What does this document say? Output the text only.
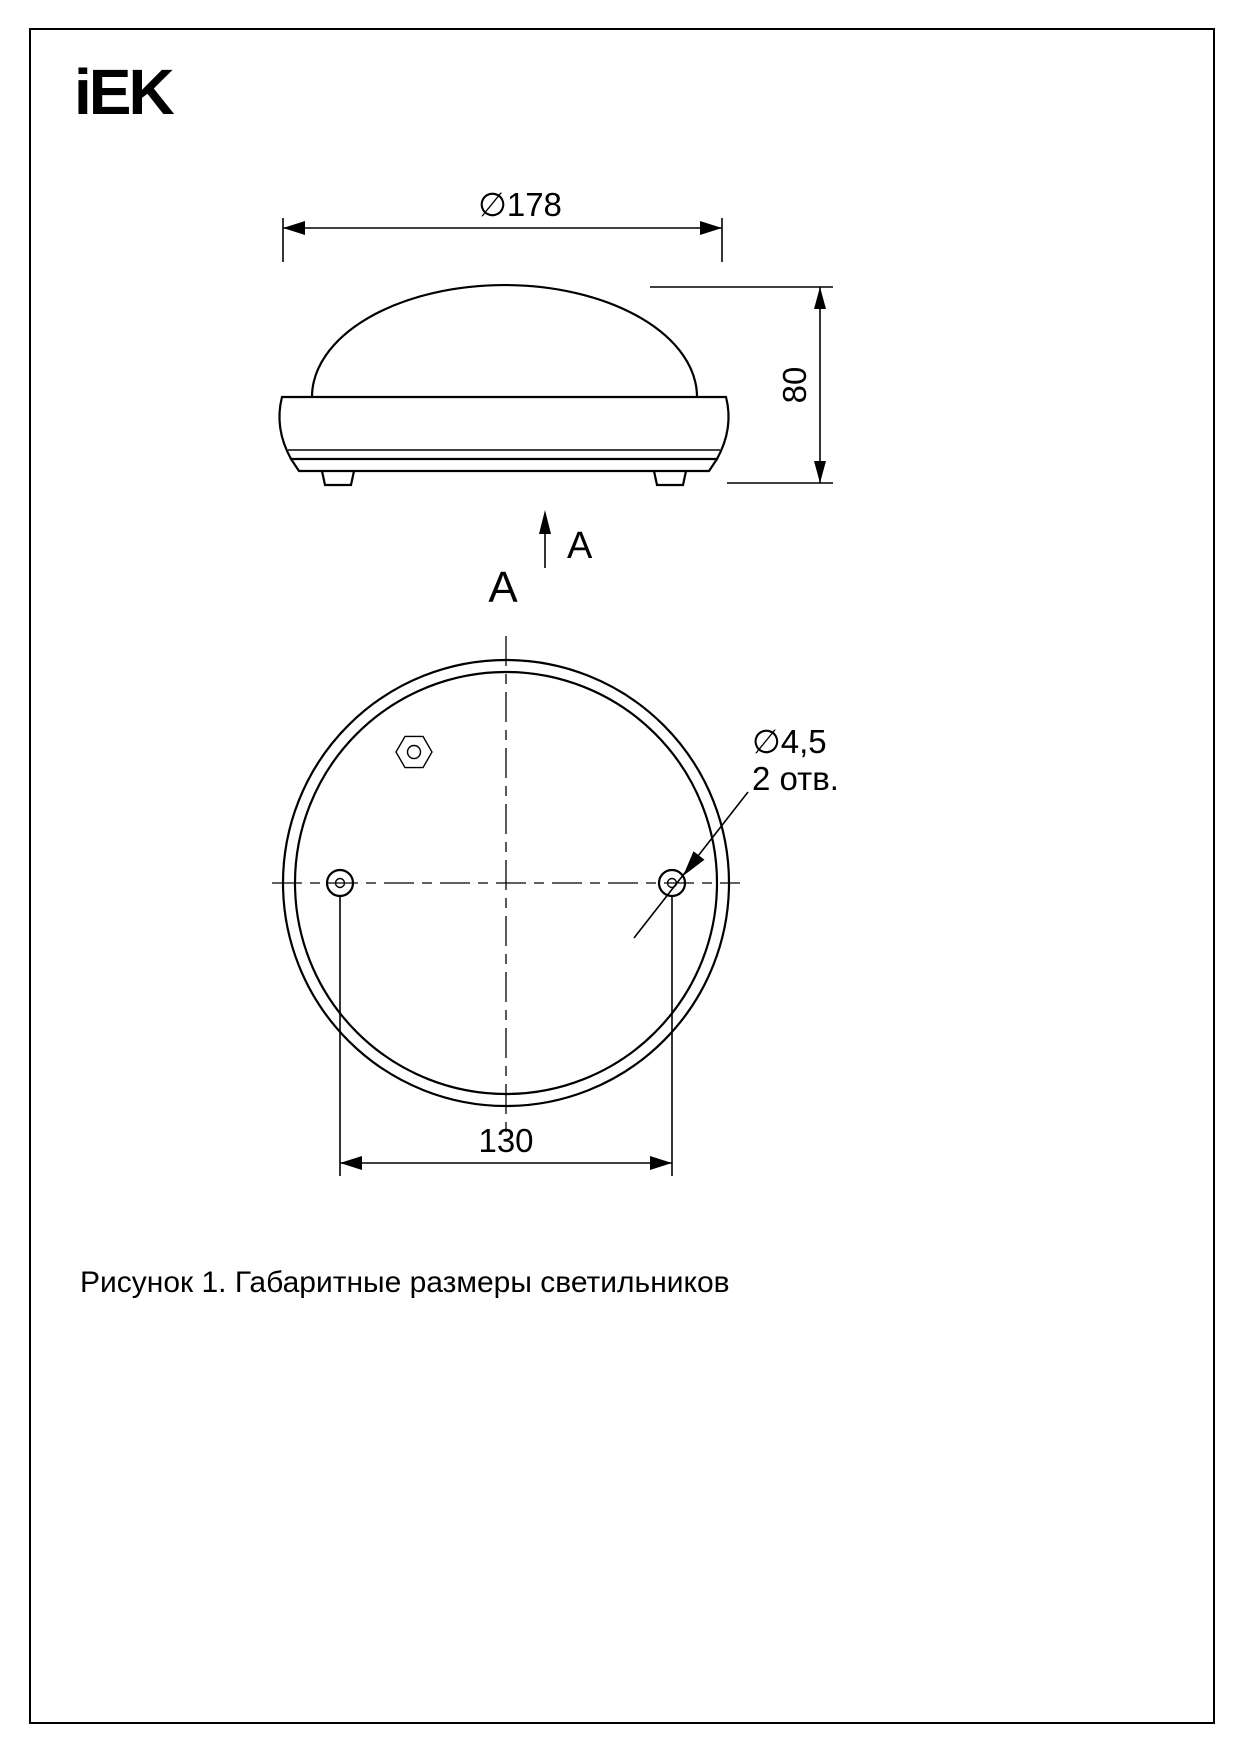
iEK
∅178
80
A
A
∅4,5
2 отв.
130
Рисунок 1. Габаритные размеры светильников
